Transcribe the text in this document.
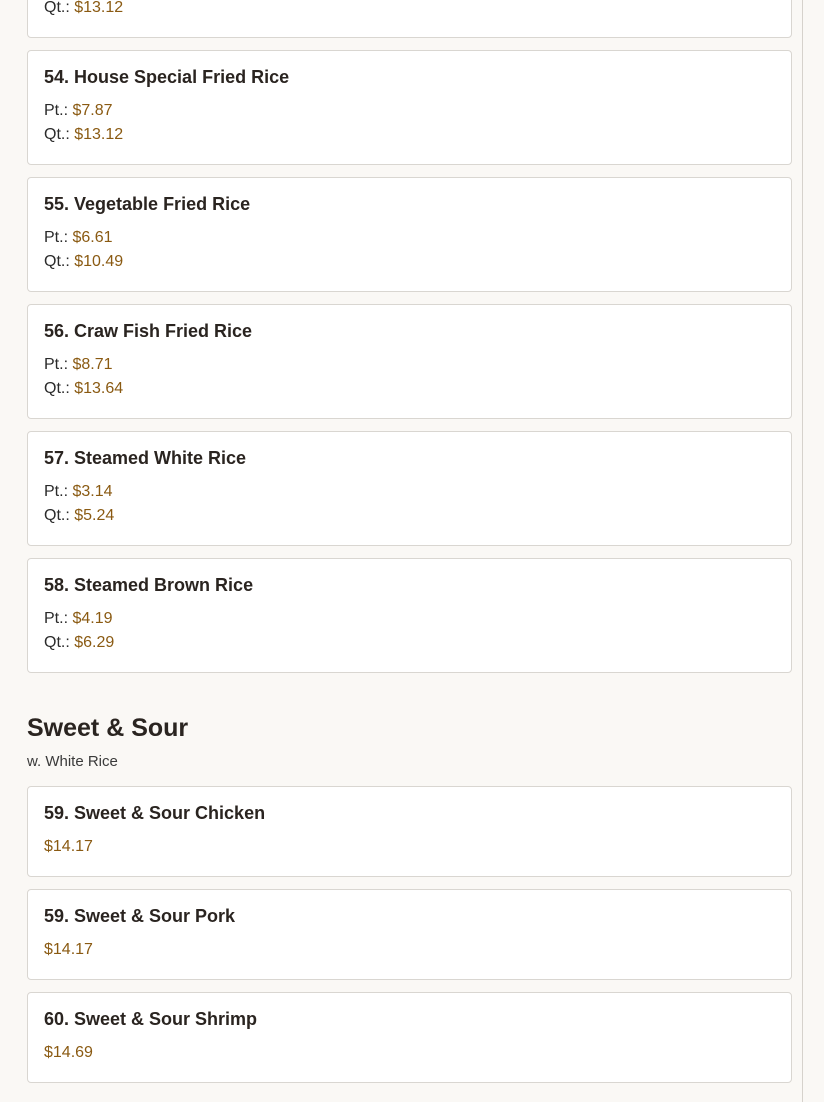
Qt.: $13.12
54. House Special Fried Rice
Pt.: $7.87
Qt.: $13.12
55. Vegetable Fried Rice
Pt.: $6.61
Qt.: $10.49
56. Craw Fish Fried Rice
Pt.: $8.71
Qt.: $13.64
57. Steamed White Rice
Pt.: $3.14
Qt.: $5.24
58. Steamed Brown Rice
Pt.: $4.19
Qt.: $6.29
Sweet & Sour
w. White Rice
59. Sweet & Sour Chicken
$14.17
59. Sweet & Sour Pork
$14.17
60. Sweet & Sour Shrimp
$14.69
